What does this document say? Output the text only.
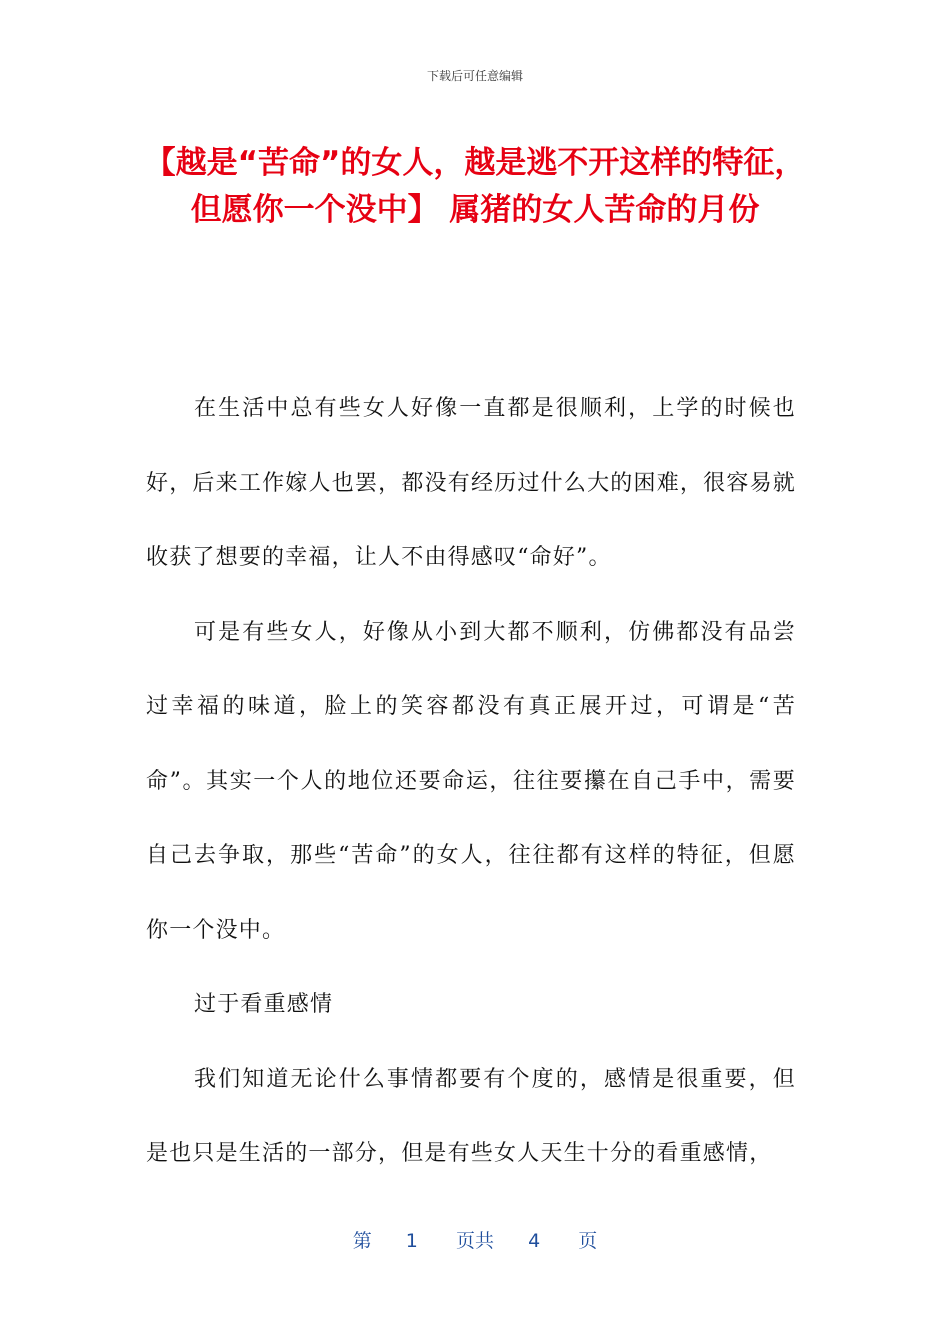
下载后可任意编辑
【越是“苦命”的女人，越是逃不开这样的特征，但愿你一个没中】 属猪的女人苦命的月份

在生活中总有些女人好像一直都是很顺利，上学的时候也好，后来工作嫁人也罢，都没有经历过什么大的困难，很容易就收获了想要的幸福，让人不由得感叹“命好”。

可是有些女人，好像从小到大都不顺利，仿佛都没有品尝过幸福的味道，脸上的笑容都没有真正展开过，可谓是“苦命”。其实一个人的地位还要命运，往往要攥在自己手中，需要自己去争取，那些“苦命”的女人，往往都有这样的特征，但愿你一个没中。

过于看重感情

我们知道无论什么事情都要有个度的，感情是很重要，但是也只是生活的一部分，但是有些女人天生十分的看重感情，

第 1 页共 4 页
